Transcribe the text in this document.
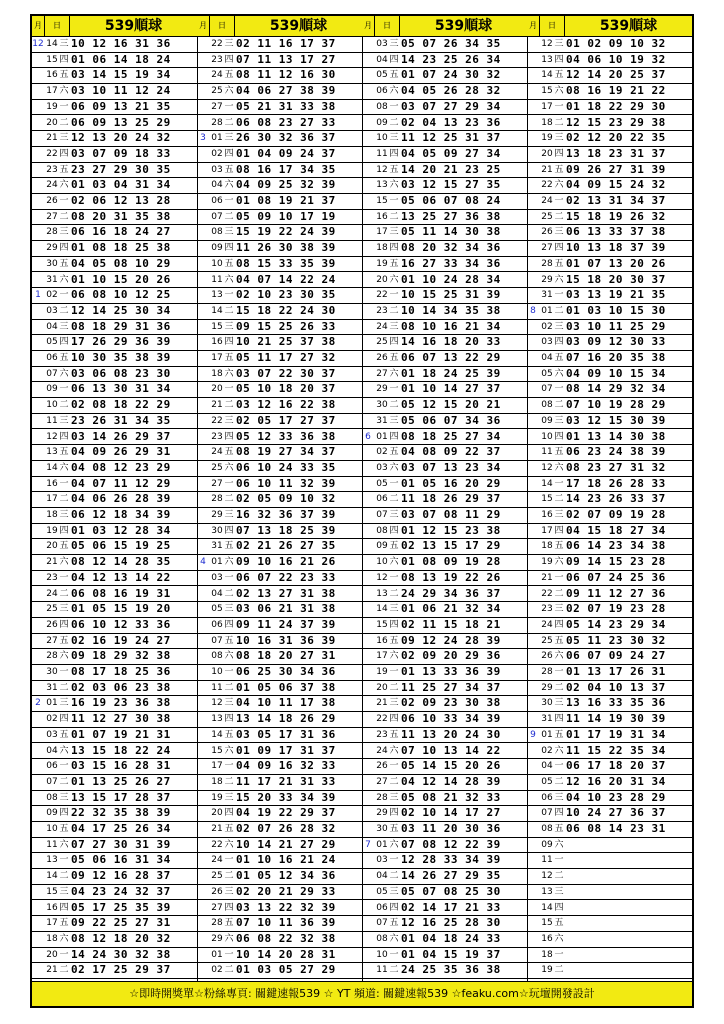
月	日	539順球
12 14 三 10 12 16 31 36
15 四 01 06 14 18 24
16 五 03 14 15 19 34
17 六 03 10 11 12 24
19 一 06 09 13 21 35
20 二 06 09 13 25 29
21 三 12 13 20 24 32
22 四 03 07 09 18 33
23 五 23 27 29 30 35
24 六 01 03 04 31 34
26 一 02 06 12 13 28
27 二 08 20 31 35 38
28 三 06 16 18 24 27
29 四 01 08 18 25 38
30 五 04 05 08 10 29
31 六 01 10 15 20 26
1 02 一 06 08 10 12 25
03 二 12 14 25 30 34
04 三 08 18 29 31 36
05 四 17 26 29 36 39
06 五 10 30 35 38 39
07 六 03 06 08 23 30
09 一 06 13 30 31 34
10 二 02 08 18 22 29
11 三 23 26 31 34 35
12 四 03 14 26 29 37
13 五 04 09 26 29 31
14 六 04 08 12 23 29
16 一 04 07 11 12 29
17 二 04 06 26 28 39
18 三 06 12 18 34 39
19 四 01 03 12 28 34
20 五 05 06 15 19 25
21 六 08 12 14 28 35
23 一 04 12 13 14 22
24 二 06 08 16 19 31
25 三 01 05 15 19 20
26 四 06 10 12 33 36
27 五 02 16 19 24 27
28 六 09 18 29 32 38
30 一 08 17 18 25 36
31 二 02 03 06 23 38
2 01 三 16 19 23 36 38
02 四 11 12 27 30 38
03 五 01 07 19 21 31
04 六 13 15 18 22 24
06 一 03 15 16 28 31
07 二 01 13 25 26 27
08 三 13 15 17 28 37
09 四 22 32 35 38 39
10 五 04 17 25 26 34
11 六 07 27 30 31 39
13 一 05 06 16 31 34
14 二 09 12 16 28 37
15 三 04 23 24 32 37
16 四 05 17 25 35 39
17 五 09 22 25 27 31
18 六 08 12 18 20 32
20 一 14 24 30 32 38
21 二 02 17 25 29 37
月	日	539順球
22 三 02 11 16 17 37
23 四 07 11 13 17 27
24 五 08 11 12 16 30
25 六 04 06 27 38 39
27 一 05 21 31 33 38
28 二 06 08 23 27 33
3 01 三 26 30 32 36 37
02 四 01 04 09 24 37
03 五 08 16 17 34 35
04 六 04 09 25 32 39
06 一 01 08 19 21 37
07 二 05 09 10 17 19
08 三 15 19 22 24 39
09 四 11 26 30 38 39
10 五 08 15 33 35 39
11 六 04 07 14 22 24
13 一 02 10 23 30 35
14 二 15 18 22 24 30
15 三 09 15 25 26 33
16 四 10 21 25 37 38
17 五 05 11 17 27 32
18 六 03 07 22 30 37
20 一 05 10 18 20 37
21 二 03 12 16 22 38
22 三 02 05 17 27 37
23 四 05 12 33 36 38
24 五 08 19 27 34 37
25 六 06 10 24 33 35
27 一 06 10 11 32 39
28 二 02 05 09 10 32
29 三 16 32 36 37 39
30 四 07 13 18 25 39
31 五 02 21 26 27 35
4 01 六 09 10 16 21 26
03 一 06 07 22 23 33
04 二 02 13 27 31 38
05 三 03 06 21 31 38
06 四 09 11 24 37 39
07 五 10 16 31 36 39
08 六 08 18 20 27 31
10 一 06 25 30 34 36
11 二 01 05 06 37 38
12 三 04 10 11 17 38
13 四 13 14 18 26 29
14 五 03 05 17 31 36
15 六 01 09 17 31 37
17 一 04 09 16 32 33
18 二 11 17 21 31 33
19 三 15 20 33 34 39
20 四 04 19 22 29 37
21 五 02 07 26 28 32
22 六 10 14 21 27 29
24 一 01 10 16 21 24
25 二 01 05 12 34 36
26 三 02 20 21 29 33
27 四 03 13 22 32 39
28 五 07 10 11 36 39
29 六 06 08 22 32 38
01 一 10 14 20 28 31
02 二 01 03 05 27 29
月	日	539順球
03 三 05 07 26 34 35
04 四 14 23 25 26 34
05 五 01 07 24 30 32
06 六 04 05 26 28 32
08 一 03 07 27 29 34
09 二 02 04 13 23 36
10 三 11 12 25 31 37
11 四 04 05 09 27 34
12 五 14 20 21 23 25
13 六 03 12 15 27 35
15 一 05 06 07 08 24
16 二 13 25 27 36 38
17 三 05 11 14 30 38
18 四 08 20 32 34 36
19 五 16 27 33 34 36
20 六 01 10 24 28 34
22 一 10 15 25 31 39
23 二 10 14 34 35 38
24 三 08 10 16 21 34
25 四 14 16 18 20 33
26 五 06 07 13 22 29
27 六 01 18 24 25 39
29 一 01 10 14 27 37
30 二 05 12 15 20 21
31 三 05 06 07 34 36
6 01 四 08 18 25 27 34
02 五 04 08 09 22 37
03 六 03 07 13 23 34
05 一 01 05 16 20 29
06 二 11 18 26 29 37
07 三 03 07 08 11 29
08 四 01 12 15 23 38
09 五 02 13 15 17 29
10 六 01 08 09 19 28
12 一 08 13 19 22 26
13 二 24 29 34 36 37
14 三 01 06 21 32 34
15 四 02 11 15 18 21
16 五 09 12 24 28 39
17 六 02 09 20 29 36
19 一 01 13 33 36 39
20 二 11 25 27 34 37
21 三 02 09 23 30 38
22 四 06 10 33 34 39
23 五 11 13 20 24 30
24 六 07 10 13 14 22
26 一 05 14 15 20 26
27 二 04 12 14 28 39
28 三 05 08 21 32 33
29 四 02 10 14 17 27
30 五 03 11 20 30 36
7 01 六 07 08 12 22 39
03 一 12 28 33 34 39
04 二 14 26 27 29 35
05 三 05 07 08 25 30
06 四 02 14 17 21 33
07 五 12 16 25 28 30
08 六 01 04 18 24 33
10 一 01 04 15 19 37
11 二 24 25 35 36 38
月	日	539順球
12 三 01 02 09 10 32
13 四 04 06 10 19 32
14 五 12 14 20 25 37
15 六 08 16 19 21 22
17 一 01 18 22 29 30
18 二 12 15 23 29 38
19 三 02 12 20 22 35
20 四 13 18 23 31 37
21 五 09 26 27 31 39
22 六 04 09 15 24 32
24 一 02 13 31 34 37
25 二 15 18 19 26 32
26 三 06 13 33 37 38
27 四 10 13 18 37 39
28 五 01 07 13 20 26
29 六 15 18 20 30 37
31 一 03 13 19 21 35
8 01 二 01 03 10 15 30
02 三 03 10 11 25 29
03 四 03 09 12 30 33
04 五 07 16 20 35 38
05 六 04 09 10 15 34
07 一 08 14 29 32 34
08 二 07 10 19 28 29
09 三 03 12 15 30 39
10 四 01 13 14 30 38
11 五 06 23 24 38 39
12 六 08 23 27 31 32
14 一 17 18 26 28 33
15 二 14 23 26 33 37
16 三 02 07 09 19 28
17 四 04 15 18 27 34
18 五 06 14 23 34 38
19 六 09 14 15 23 28
21 一 06 07 24 25 36
22 二 09 11 12 27 36
23 三 02 07 19 23 28
24 四 05 14 23 29 34
25 五 05 11 23 30 32
26 六 06 07 09 24 27
28 一 01 13 17 26 31
29 二 02 04 10 13 37
30 三 13 16 33 35 36
31 四 11 14 19 30 39
9 01 五 01 17 19 31 34
02 六 11 15 22 35 34
04 一 06 17 18 20 37
05 二 12 16 20 31 34
06 三 04 10 23 28 29
07 四 10 24 27 36 37
08 五 06 08 14 23 31
09 六
11 一
12 二
13 三
14 四
15 五
16 六
18 一
19 二
☆即時開獎單☆粉絲專頁: 關鍵速報539 ☆ YT 頻道: 關鍵速報539 ☆feaku.com☆玩壇開發設計
